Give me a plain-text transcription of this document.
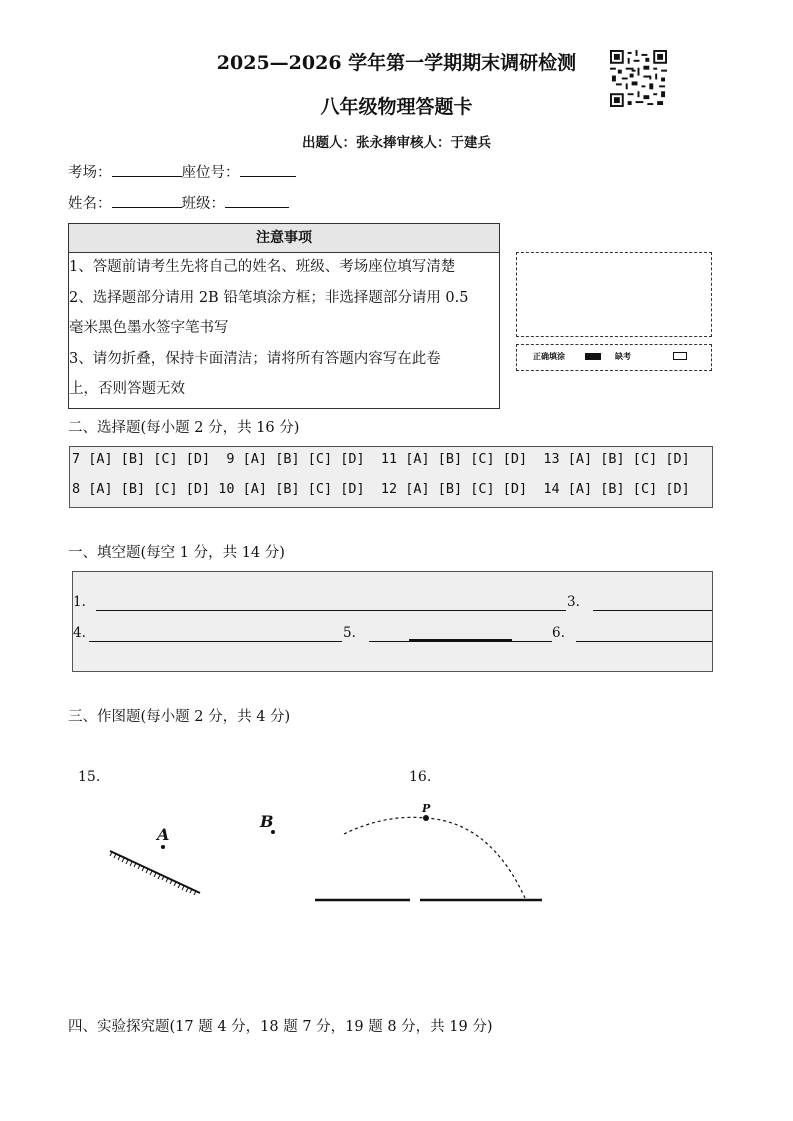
2025—2026 学年第一学期期末调研检测
八年级物理答题卡
出题人：张永捧审核人：于建兵
考场：	座位号：
姓名：	班级：
注意事项
1、答题前请考生先将自己的姓名、班级、考场座位填写清楚
2、选择题部分请用 2B 铅笔填涂方框；非选择题部分请用 0.5
毫米黑色墨水签字笔书写
3、请勿折叠，保持卡面清洁；请将所有答题内容写在此卷
上，否则答题无效
正确填涂	缺考
二、选择题(每小题 2 分，共 16 分)
7 [A] [B] [C] [D]  9 [A] [B] [C] [D]  11 [A] [B] [C] [D]  13 [A] [B] [C] [D]
8 [A] [B] [C] [D] 10 [A] [B] [C] [D]  12 [A] [B] [C] [D]  14 [A] [B] [C] [D]
一、填空题(每空 1 分，共 14 分)
1.	3.
4.	5.	6.
三、作图题(每小题 2 分，共 4 分)
15.	16.
A
B
P
四、实验探究题(17 题 4 分，18 题 7 分，19 题 8 分，共 19 分)
